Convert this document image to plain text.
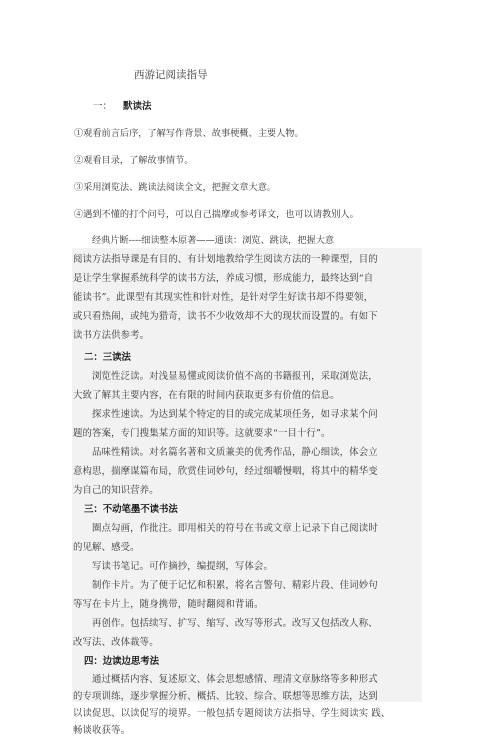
西游记阅读指导
一： 默读法
①观看前言后序，了解写作背景、故事梗概、主要人物。
②观看目录，了解故事情节。
③采用浏览法、跳读法阅读全文，把握文章大意。
④遇到不懂的打个问号，可以自己揣摩或参考译文，也可以请教别人。
经典片断----细读整本原著——通读：浏览、跳读，把握大意
阅读方法指导课是有目的、有计划地教给学生阅读方法的一种课型，目的
是让学生掌握系统科学的读书方法，养成习惯，形成能力，最终达到“自
能读书”。此课型有其现实性和针对性，是针对学生好读书却不得要领，
或只看热闹，或纯为猎奇，读书不少收效却不大的现状而设置的。有如下
读书方法供参考。
二：三读法
浏览性泛读。对浅显易懂或阅读价值不高的书籍报刊，采取浏览法，
大致了解其主要内容，在有限的时间内获取更多有价值的信息。
探求性速读。为达到某个特定的目的或完成某项任务，如寻求某个问
题的答案，专门搜集某方面的知识等。这就要求“一目十行”。
品味性精读。对名篇名著和文质兼美的优秀作品，静心细读，体会立
意构思，揣摩谋篇布局，欣赏佳词妙句，经过细嚼慢咽，将其中的精华变
为自己的知识营养。
三：不动笔墨不读书法
圈点勾画，作批注。即用相关的符号在书或文章上记录下自己阅读时
的见解、感受。
写读书笔记。可作摘抄，编提纲，写体会。
制作卡片。为了便于记忆和积累，将名言警句、精彩片段、佳词妙句
等写在卡片上，随身携带，随时翻阅和背诵。
再创作。包括续写、扩写、缩写、改写等形式。改写又包括改人称、
改写法、改体裁等。
四：边读边思考法
通过概括内容、复述原文、体会思想感情、理清文章脉络等多种形式
的专项训练，逐步掌握分析、概括、比较、综合、联想等思维方法，达到
以读促思、以读促写的境界。一般包括专题阅读方法指导、学生阅读实 践、
畅谈收获等。
